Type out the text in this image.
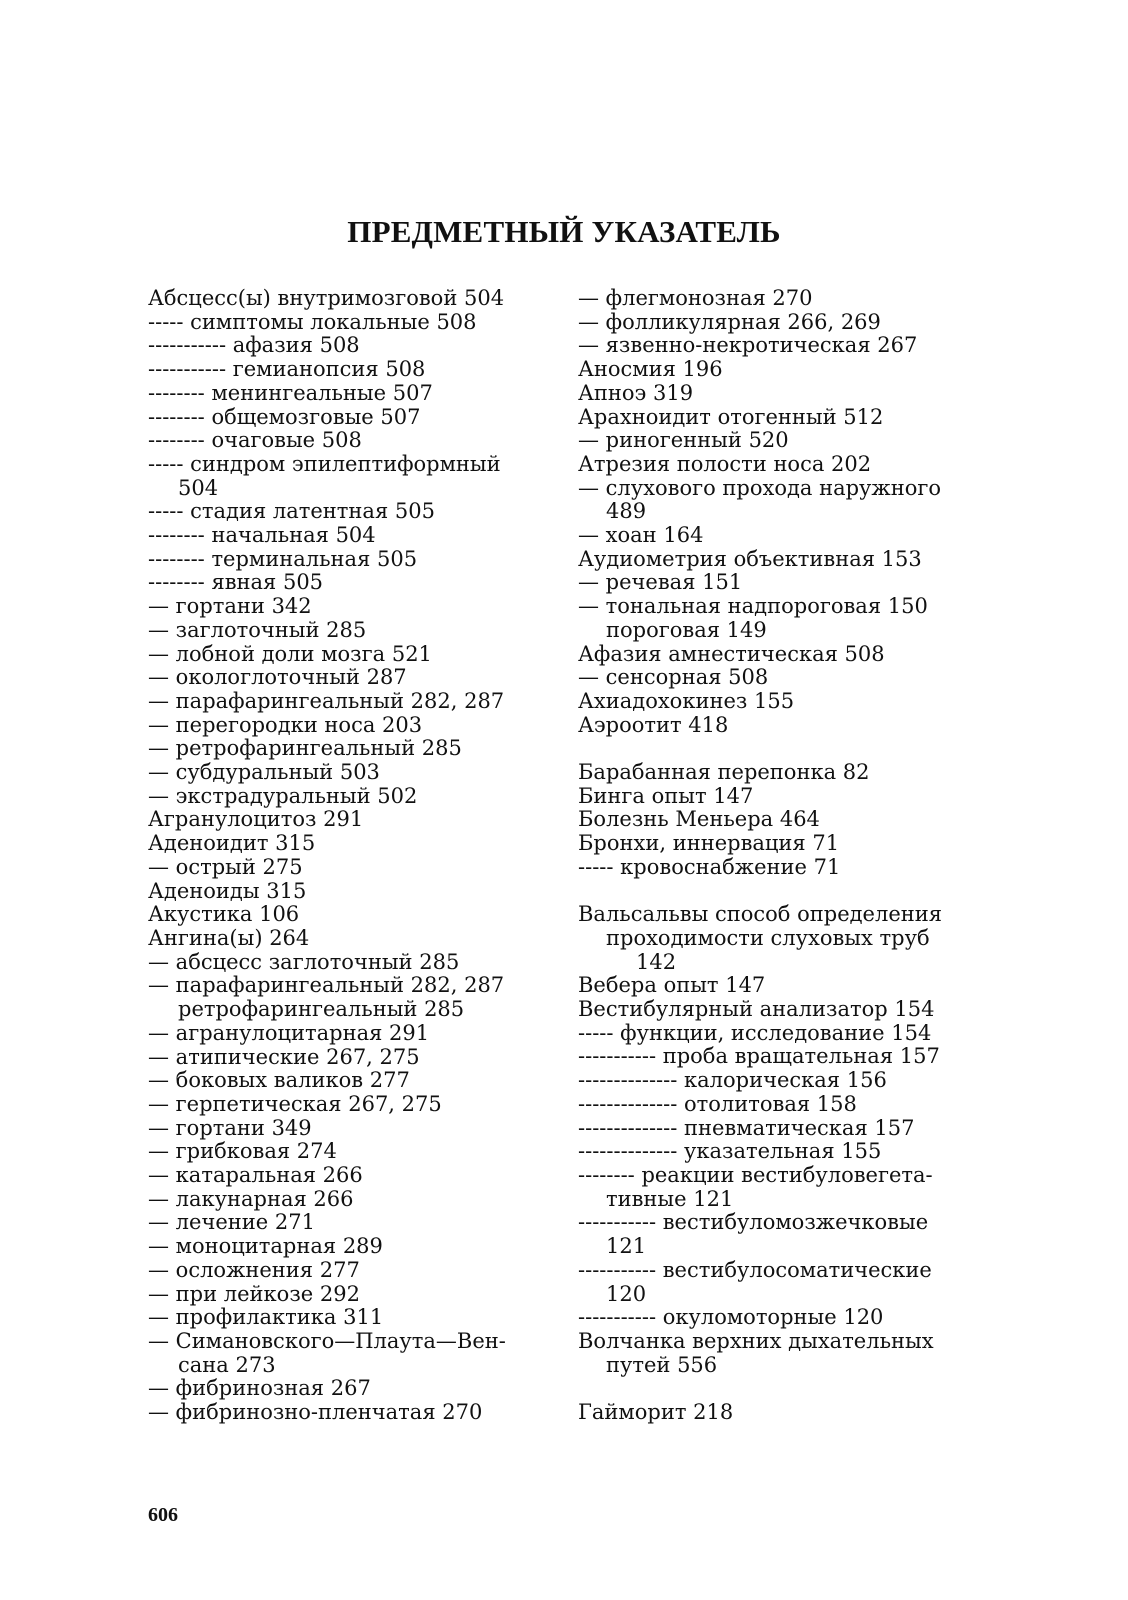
ПРЕДМЕТНЫЙ УКАЗАТЕЛЬ
Абсцесс(ы) внутримозговой 504
----- симптомы локальные 508
----------- афазия 508
----------- гемианопсия 508
-------- менингеальные 507
-------- общемозговые 507
-------- очаговые 508
----- синдром эпилептиформный
504
----- стадия латентная 505
-------- начальная 504
-------- терминальная 505
-------- явная 505
— гортани 342
— заглоточный 285
— лобной доли мозга 521
— окологлоточный 287
— парафарингеальный 282, 287
— перегородки носа 203
— ретрофарингеальный 285
— субдуральный 503
— экстрадуральный 502
Агранулоцитоз 291
Аденоидит 315
— острый 275
Аденоиды 315
Акустика 106
Ангина(ы) 264
— абсцесс заглоточный 285
— парафарингеальный 282, 287
ретрофарингеальный 285
— агранулоцитарная 291
— атипические 267, 275
— боковых валиков 277
— герпетическая 267, 275
— гортани 349
— грибковая 274
— катаральная 266
— лакунарная 266
— лечение 271
— моноцитарная 289
— осложнения 277
— при лейкозе 292
— профилактика 311
— Симановского—Плаута—Вен-
сана 273
— фибринозная 267
— фибринозно-пленчатая 270
— флегмонозная 270
— фолликулярная 266, 269
— язвенно-некротическая 267
Аносмия 196
Апноэ 319
Арахноидит отогенный 512
— риногенный 520
Атрезия полости носа 202
— слухового прохода наружного
489
— хоан 164
Аудиометрия объективная 153
— речевая 151
— тональная надпороговая 150
пороговая 149
Афазия амнестическая 508
— сенсорная 508
Ахиадохокинез 155
Аэроотит 418
Барабанная перепонка 82
Бинга опыт 147
Болезнь Меньера 464
Бронхи, иннервация 71
----- кровоснабжение 71
Вальсальвы способ определения
проходимости слуховых труб
142
Вебера опыт 147
Вестибулярный анализатор 154
----- функции, исследование 154
----------- проба вращательная 157
-------------- калорическая 156
-------------- отолитовая 158
-------------- пневматическая 157
-------------- указательная 155
-------- реакции вестибуловегета-
тивные 121
----------- вестибуломозжечковые
121
----------- вестибулосоматические
120
----------- окуломоторные 120
Волчанка верхних дыхательных
путей 556
Гайморит 218
606
